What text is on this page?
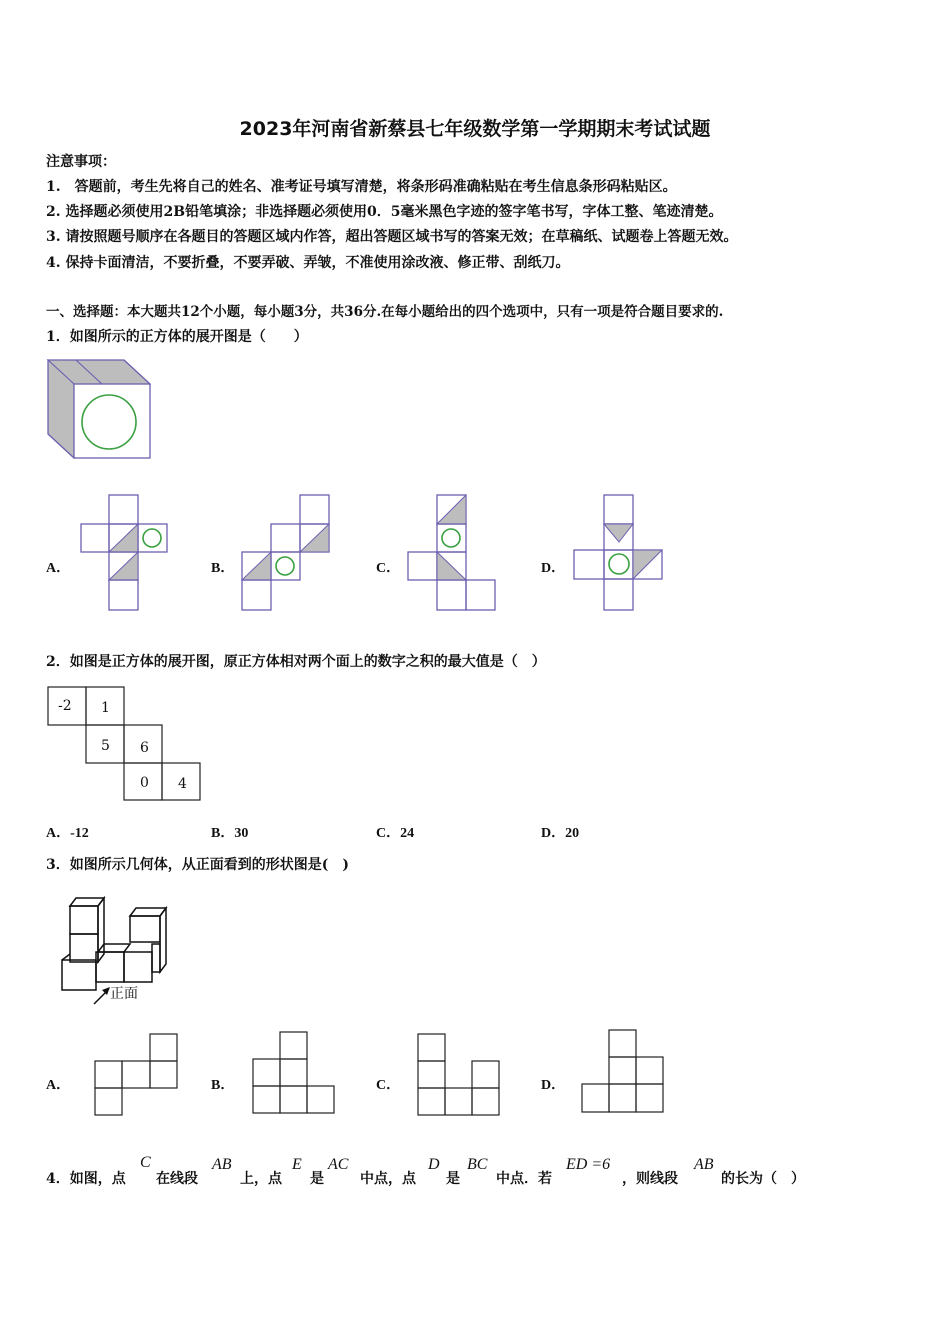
2023年河南省新蔡县七年级数学第一学期期末考试试题
注意事项：
1.　答题前，考生先将自己的姓名、准考证号填写清楚，将条形码准确粘贴在考生信息条形码粘贴区。
2. 选择题必须使用2B铅笔填涂；非选择题必须使用0．5毫米黑色字迹的签字笔书写，字体工整、笔迹清楚。
3. 请按照题号顺序在各题目的答题区域内作答，超出答题区域书写的答案无效；在草稿纸、试题卷上答题无效。
4. 保持卡面清洁，不要折叠，不要弄破、弄皱，不准使用涂改液、修正带、刮纸刀。
一、选择题：本大题共12个小题，每小题3分，共36分.在每小题给出的四个选项中，只有一项是符合题目要求的.
1．如图所示的正方体的展开图是（　　）
A．	B．	C．	D．
2．如图是正方体的展开图，原正方体相对两个面上的数字之积的最大值是（　）
-2 1
5 6
0 4
A．-12	B．30	C．24	D．20
3．如图所示几何体，从正面看到的形状图是(　)
正面
A．	B．	C．	D．
4．如图，点
C
在线段
AB
上，点
E
是
AC
中点，点
D
是
BC
中点．若
ED =6
，则线段
AB
的长为（　）
